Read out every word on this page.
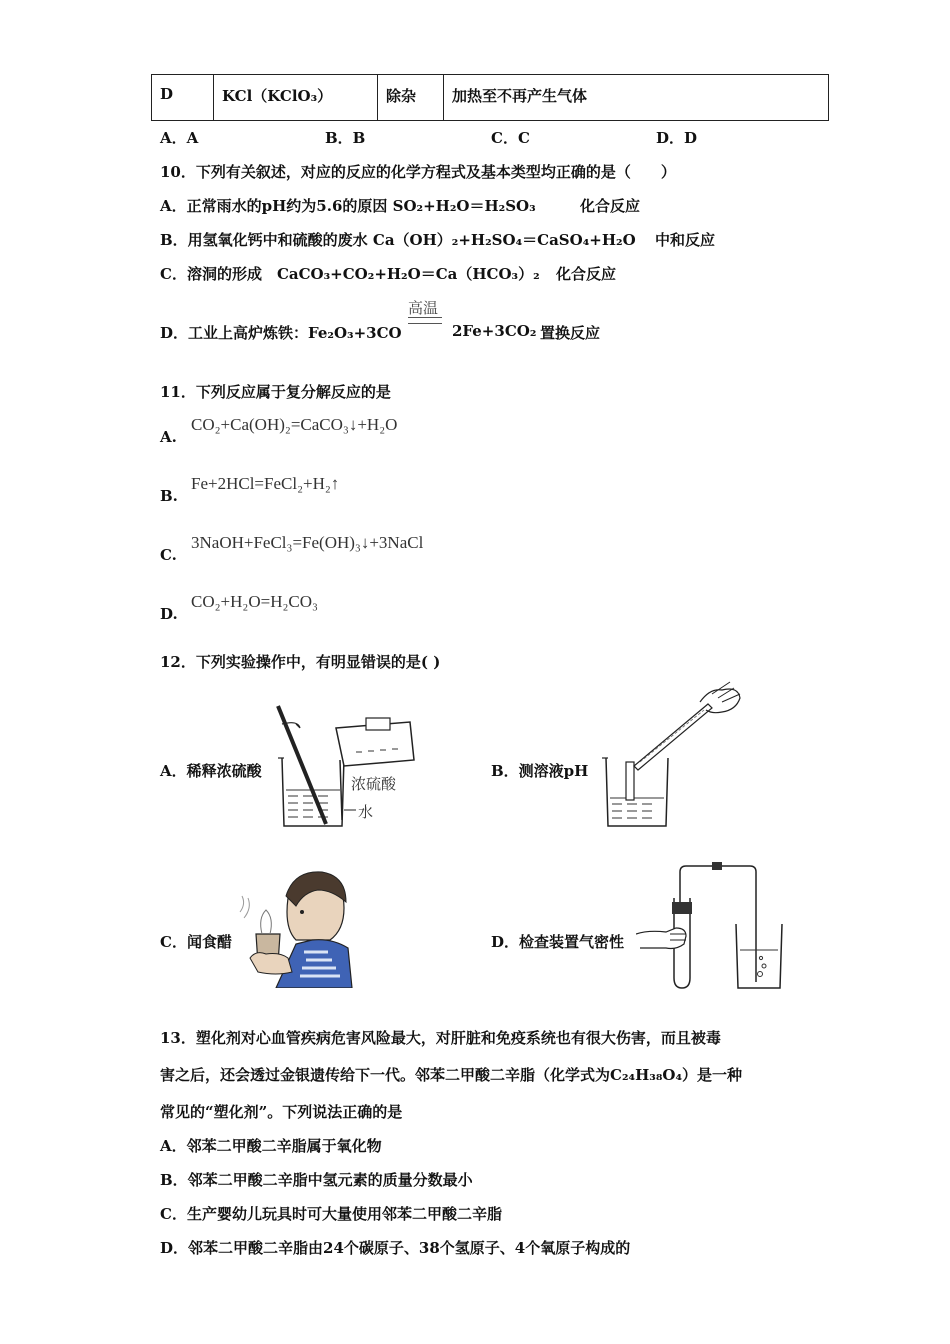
D	KCl（KClO₃）	除杂	加热至不再产生气体
A．A	B．B	C．C	D．D
10．下列有关叙述，对应的反应的化学方程式及基本类型均正确的是（　　）
A．正常雨水的pH约为5.6的原因 SO₂+H₂O＝H₂SO₃	化合反应
B．用氢氧化钙中和硫酸的废水 Ca（OH）₂+H₂SO₄＝CaSO₄+H₂O 中和反应
C．溶洞的形成　CaCO₃+CO₂+H₂O＝Ca（HCO₃）₂ 化合反应
D．工业上高炉炼铁：Fe₂O₃+3CO
高温
2Fe+3CO₂ 置换反应
11．下列反应属于复分解反应的是
A.
CO₂+Ca(OH)₂=CaCO₃↓+H₂O
B.
Fe+2HCl=FeCl₂+H₂↑
C.
3NaOH+FeCl₃=Fe(OH)₃↓+3NaCl
D.
CO₂+H₂O=H₂CO₃
12．下列实验操作中，有明显错误的是( )
A．稀释浓硫酸	B．测溶液pH
C．闻食醋	D．检查装置气密性
浓硫酸
水
13．塑化剂对心血管疾病危害风险最大，对肝脏和免疫系统也有很大伤害，而且被毒
害之后，还会透过金银遗传给下一代。邻苯二甲酸二辛脂（化学式为C₂₄H₃₈O₄）是一种
常见的“塑化剂”。下列说法正确的是
A．邻苯二甲酸二辛脂属于氧化物
B．邻苯二甲酸二辛脂中氢元素的质量分数最小
C．生产婴幼儿玩具时可大量使用邻苯二甲酸二辛脂
D．邻苯二甲酸二辛脂由24个碳原子、38个氢原子、4个氧原子构成的
